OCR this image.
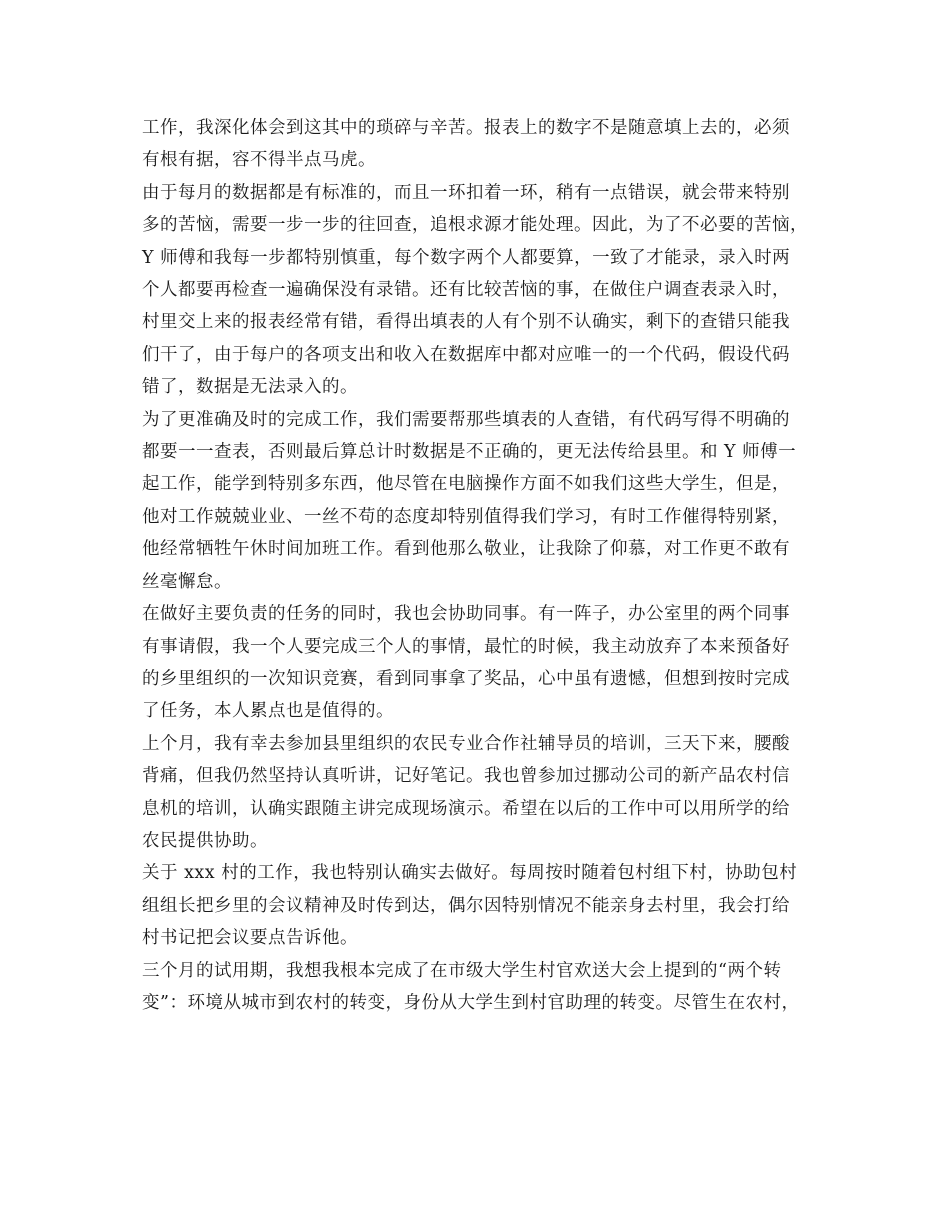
工作，我深化体会到这其中的琐碎与辛苦。报表上的数字不是随意填上去的，必须
有根有据，容不得半点马虎。

由于每月的数据都是有标准的，而且一环扣着一环，稍有一点错误，就会带来特别
多的苦恼，需要一步一步的往回查，追根求源才能处理。因此，为了不必要的苦恼，
Y 师傅和我每一步都特别慎重，每个数字两个人都要算，一致了才能录，录入时两
个人都要再检查一遍确保没有录错。还有比较苦恼的事，在做住户调查表录入时，
村里交上来的报表经常有错，看得出填表的人有个别不认确实，剩下的查错只能我
们干了，由于每户的各项支出和收入在数据库中都对应唯一的一个代码，假设代码
错了，数据是无法录入的。

为了更准确及时的完成工作，我们需要帮那些填表的人查错，有代码写得不明确的
都要一一查表，否则最后算总计时数据是不正确的，更无法传给县里。和 Y 师傅一
起工作，能学到特别多东西，他尽管在电脑操作方面不如我们这些大学生，但是，
他对工作兢兢业业、一丝不苟的态度却特别值得我们学习，有时工作催得特别紧，
他经常牺牲午休时间加班工作。看到他那么敬业，让我除了仰慕，对工作更不敢有
丝毫懈怠。

在做好主要负责的任务的同时，我也会协助同事。有一阵子，办公室里的两个同事
有事请假，我一个人要完成三个人的事情，最忙的时候，我主动放弃了本来预备好
的乡里组织的一次知识竞赛，看到同事拿了奖品，心中虽有遗憾，但想到按时完成
了任务，本人累点也是值得的。

上个月，我有幸去参加县里组织的农民专业合作社辅导员的培训，三天下来，腰酸
背痛，但我仍然坚持认真听讲，记好笔记。我也曾参加过挪动公司的新产品农村信
息机的培训，认确实跟随主讲完成现场演示。希望在以后的工作中可以用所学的给
农民提供协助。

关于 xxx 村的工作，我也特别认确实去做好。每周按时随着包村组下村，协助包村
组组长把乡里的会议精神及时传到达，偶尔因特别情况不能亲身去村里，我会打给
村书记把会议要点告诉他。

三个月的试用期，我想我根本完成了在市级大学生村官欢送大会上提到的“两个转
变”：环境从城市到农村的转变，身份从大学生到村官助理的转变。尽管生在农村，
